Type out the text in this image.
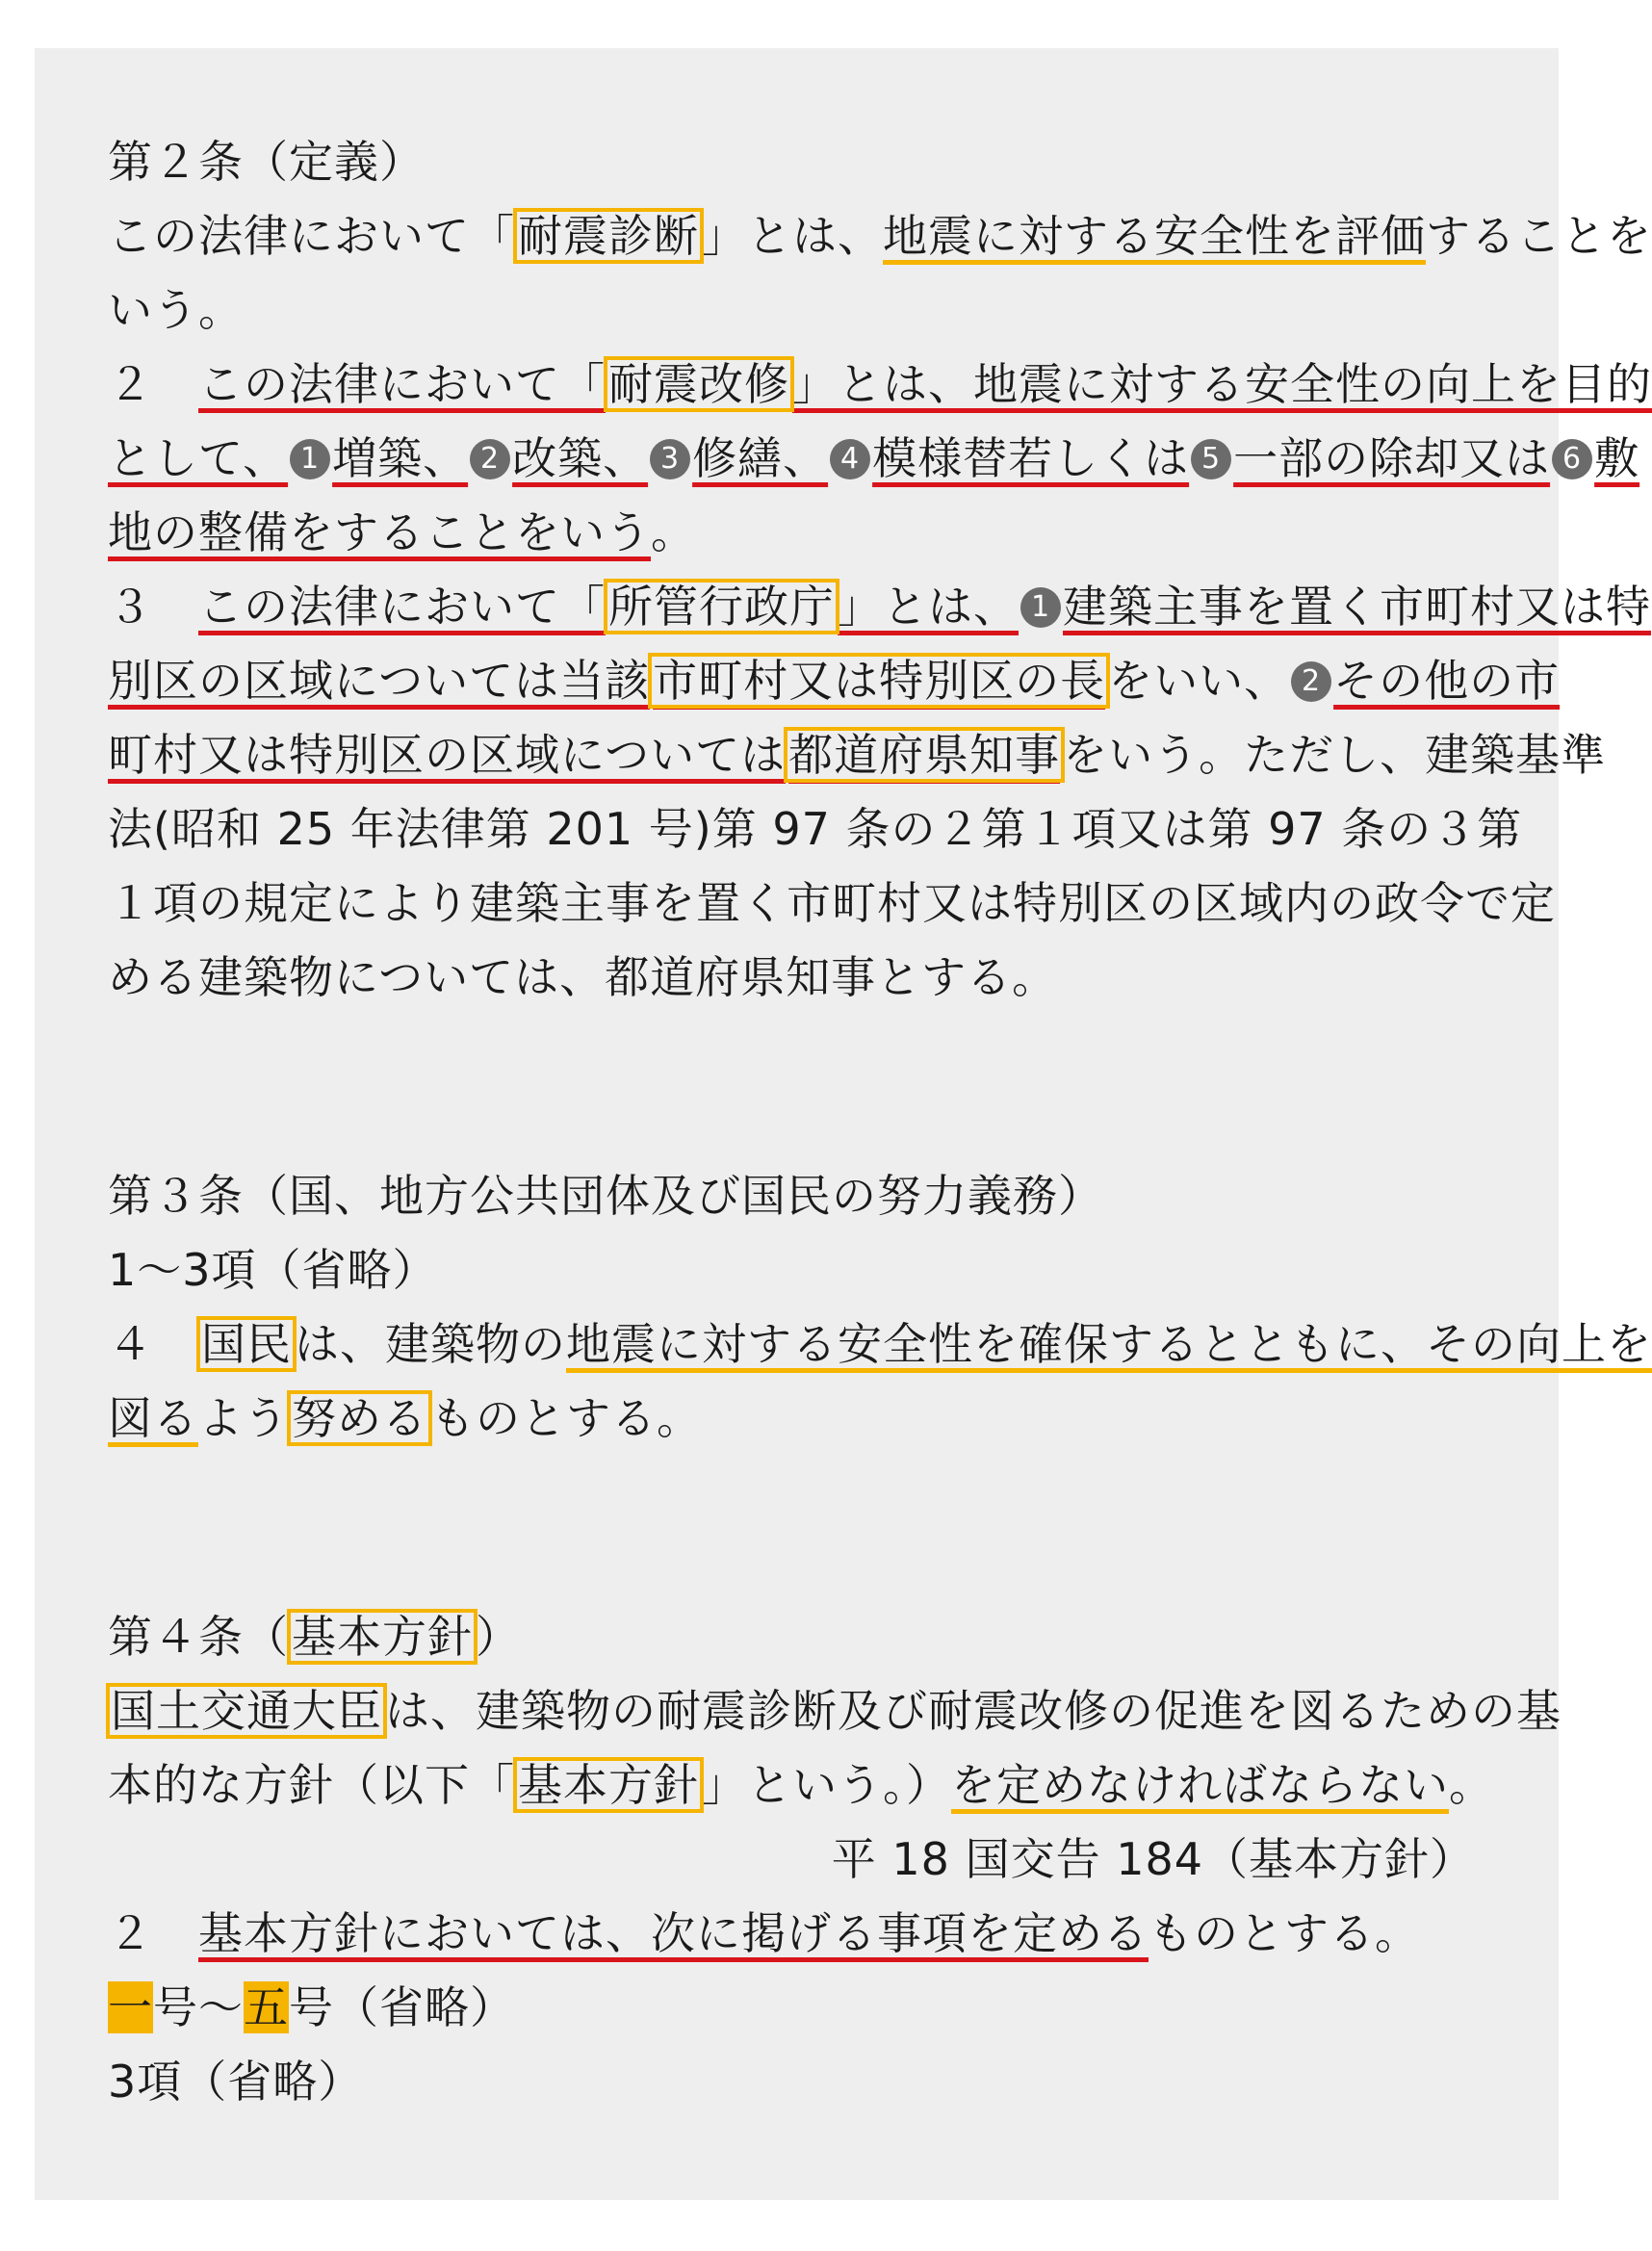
第２条（定義）
この法律において「耐震診断」とは、地震に対する安全性を評価することを
いう。
２　この法律において「耐震改修」とは、地震に対する安全性の向上を目的
として、 1 増築、 2 改築、 3 修繕、 4 模様替若しくは 5 一部の除却又は 6 敷
地の整備をすることをいう。
３　この法律において「所管行政庁」とは、 1 建築主事を置く市町村又は特
別区の区域については当該市町村又は特別区の長をいい、 2 その他の市
町村又は特別区の区域については都道府県知事をいう。ただし、建築基準
法(昭和 25 年法律第 201 号)第 97 条の２第１項又は第 97 条の３第
１項の規定により建築主事を置く市町村又は特別区の区域内の政令で定
める建築物については、都道府県知事とする。
第３条（国、地方公共団体及び国民の努力義務）
1～3項（省略）
４　国民は、建築物の地震に対する安全性を確保するとともに、その向上を
図るよう努めるものとする。
第４条（基本方針）
国土交通大臣は、建築物の耐震診断及び耐震改修の促進を図るための基
本的な方針（以下「基本方針」という。）を定めなければならない。
平 18 国交告 184（基本方針）
２　基本方針においては、次に掲げる事項を定めるものとする。
一号～五号（省略）
3項（省略）
